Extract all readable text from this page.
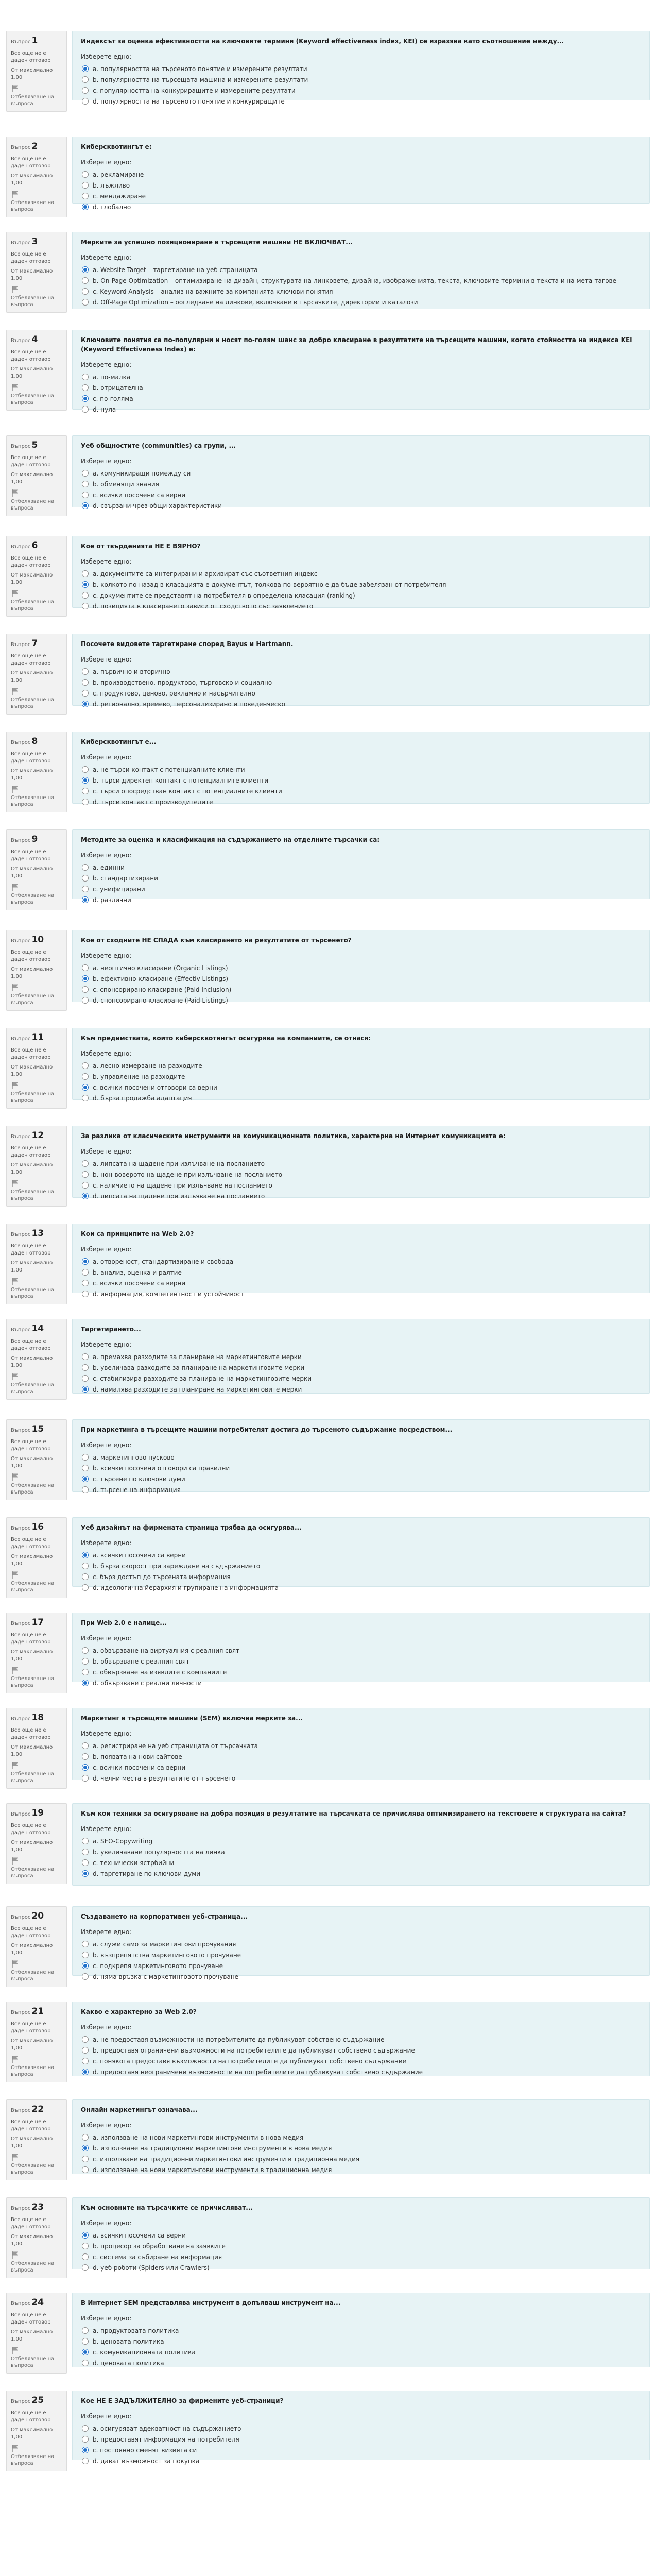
Въпрос 1
Все още не е даден отговор
От максимално 1,00
Отбелязване на въпроса
Индексът за оценка ефективността на ключовите термини (Keyword effectiveness index, KEI) се изразява като съотношение между...
Изберете едно:
a. популярността на търсеното понятие и измерените резултати
b. популярността на търсещата машина и измерените резултати
c. популярността на конкуриращите и измерените резултати
d. популярността на търсеното понятие и конкуриращите
Въпрос 2
Все още не е даден отговор
От максимално 1,00
Отбелязване на въпроса
Киберсквотингът е:
Изберете едно:
a. рекламиране
b. лъжливо
c. мендажиране
d. глобално
Въпрос 3
Все още не е даден отговор
От максимално 1,00
Отбелязване на въпроса
Мерките за успешно позициониране в търсещите машини НЕ ВКЛЮЧВАТ...
Изберете едно:
a. Website Target – таргетиране на уеб страницата
b. On-Page Optimization – оптимизиране на дизайн, структурата на линковете, дизайна, изображенията, текста, ключовите термини в текста и на мета-тагове
c. Keyword Analysis – анализ на важните за компанията ключови понятия
d. Off-Page Optimization – оогледване на линкове, включване в търсачките, директории и каталози
Въпрос 4
Все още не е даден отговор
От максимално 1,00
Отбелязване на въпроса
Ключовите понятия са по-популярни и носят по-голям шанс за добро класиране в резултатите на търсещите машини, когато стойността на индекса KEI (Keyword Effectiveness Index) е:
Изберете едно:
a. по-малка
b. отрицателна
c. по-голяма
d. нула
Въпрос 5
Все още не е даден отговор
От максимално 1,00
Отбелязване на въпроса
Уеб общностите (communities) са групи, ...
Изберете едно:
a. комуникиращи помежду си
b. обменящи знания
c. всички посочени са верни
d. свързани чрез общи характеристики
Въпрос 6
Все още не е даден отговор
От максимално 1,00
Отбелязване на въпроса
Кое от твърденията НЕ Е ВЯРНО?
Изберете едно:
a. документите са интегрирани и архивират със съответния индекс
b. колкото по-назад в класацията е документът, толкова по-вероятно е да бъде забелязан от потребителя
c. документите се представят на потребителя в определена класация (ranking)
d. позицията в класирането зависи от сходството със заявлението
Въпрос 7
Все още не е даден отговор
От максимално 1,00
Отбелязване на въпроса
Посочете видовете таргетиране според Bayus и Hartmann.
Изберете едно:
a. първично и вторично
b. производствено, продуктово, търговско и социално
c. продуктово, ценово, рекламно и насърчително
d. регионално, времево, персонализирано и поведенческо
Въпрос 8
Все още не е даден отговор
От максимално 1,00
Отбелязване на въпроса
Киберсквотингът е...
Изберете едно:
a. не търси контакт с потенциалните клиенти
b. търси директен контакт с потенциалните клиенти
c. търси опосредстван контакт с потенциалните клиенти
d. търси контакт с производителите
Въпрос 9
Все още не е даден отговор
От максимално 1,00
Отбелязване на въпроса
Методите за оценка и класификация на съдържанието на отделните търсачки са:
Изберете едно:
a. единни
b. стандартизирани
c. унифицирани
d. различни
Въпрос 10
Все още не е даден отговор
От максимално 1,00
Отбелязване на въпроса
Кое от сходните НЕ СПАДА към класирането на резултатите от търсенето?
Изберете едно:
a. неоптично класиране (Organic Listings)
b. ефективно класиране (Effectiv Listings)
c. спонсорирано класиране (Paid Inclusion)
d. спонсорирано класиране (Paid Listings)
Въпрос 11
Все още не е даден отговор
От максимално 1,00
Отбелязване на въпроса
Към предимствата, които киберсквотингът осигурява на компаниите, се отнася:
Изберете едно:
a. лесно измерване на разходите
b. управление на разходите
c. всички посочени отговори са верни
d. бърза продажба адаптация
Въпрос 12
Все още не е даден отговор
От максимално 1,00
Отбелязване на въпроса
За разлика от класическите инструменти на комуникационната политика, характерна на Интернет комуникацията е:
Изберете едно:
a. липсата на щадене при излъчване на посланието
b. нон-воверото на щадене при излъчване на посланието
c. наличието на щадене при излъчване на посланието
d. липсата на щадене при излъчване на посланието
Въпрос 13
Все още не е даден отговор
От максимално 1,00
Отбелязване на въпроса
Кои са принципите на Web 2.0?
Изберете едно:
a. отвореност, стандартизиране и свобода
b. анализ, оценка и ралтие
c. всички посочени са верни
d. информация, компетентност и устойчивост
Въпрос 14
Все още не е даден отговор
От максимално 1,00
Отбелязване на въпроса
Таргетирането...
Изберете едно:
a. премахва разходите за планиране на маркетинговите мерки
b. увеличава разходите за планиране на маркетинговите мерки
c. стабилизира разходите за планиране на маркетинговите мерки
d. намалява разходите за планиране на маркетинговите мерки
Въпрос 15
Все още не е даден отговор
От максимално 1,00
Отбелязване на въпроса
При маркетинга в търсещите машини потребителят достига до търсеното съдържание посредством...
Изберете едно:
a. маркетингово пусково
b. всички посочени отговори са правилни
c. търсене по ключови думи
d. търсене на информация
Въпрос 16
Все още не е даден отговор
От максимално 1,00
Отбелязване на въпроса
Уеб дизайнът на фирмената страница трябва да осигурява...
Изберете едно:
a. всички посочени са верни
b. бърза скорост при зареждане на съдържанието
c. бърз достъп до търсената информация
d. идеологична йерархия и групиране на информацията
Въпрос 17
Все още не е даден отговор
От максимално 1,00
Отбелязване на въпроса
При Web 2.0 е налице...
Изберете едно:
a. обвързване на виртуалния с реалния свят
b. обвързване с реалния свят
c. обвързване на изявлите с компаниите
d. обвързване с реални личности
Въпрос 18
Все още не е даден отговор
От максимално 1,00
Отбелязване на въпроса
Маркетинг в търсещите машини (SEM) включва мерките за...
Изберете едно:
a. регистриране на уеб страницата от търсачката
b. появата на нови сайтове
c. всички посочени са верни
d. челни места в резултатите от търсенето
Въпрос 19
Все още не е даден отговор
От максимално 1,00
Отбелязване на въпроса
Към кои техники за осигуряване на добра позиция в резултатите на търсачката се причислява оптимизирането на текстовете и структурата на сайта?
Изберете едно:
a. SEO-Copywriting
b. увеличаване популярността на линка
c. технически ястрбийни
d. таргетиране по ключови думи
Въпрос 20
Все още не е даден отговор
От максимално 1,00
Отбелязване на въпроса
Създаването на корпоративен уеб-страница...
Изберете едно:
a. служи само за маркетингови прочувания
b. възпрепятства маркетинговото прочуване
c. подкрепя маркетинговото прочуване
d. няма връзка с маркетинговото прочуване
Въпрос 21
Все още не е даден отговор
От максимално 1,00
Отбелязване на въпроса
Какво е характерно за Web 2.0?
Изберете едно:
a. не предоставя възможности на потребителите да публикуват собствено съдържание
b. предоставя ограничени възможности на потребителите да публикуват собствено съдържание
c. понякога предоставя възможности на потребителите да публикуват собствено съдържание
d. предоставя неограничени възможности на потребителите да публикуват собствено съдържание
Въпрос 22
Все още не е даден отговор
От максимално 1,00
Отбелязване на въпроса
Онлайн маркетингът означава...
Изберете едно:
a. използване на нови маркетингови инструменти в нова медия
b. използване на традиционни маркетингови инструменти в нова медия
c. използване на традиционни маркетингови инструменти в традиционна медия
d. използване на нови маркетингови инструменти в традиционна медия
Въпрос 23
Все още не е даден отговор
От максимално 1,00
Отбелязване на въпроса
Към основните на търсачките се причисляват...
Изберете едно:
a. всички посочени са верни
b. процесор за обработване на заявките
c. система за събиране на информация
d. уеб роботи (Spiders или Crawlers)
Въпрос 24
Все още не е даден отговор
От максимално 1,00
Отбелязване на въпроса
В Интернет SEM представлява инструмент в допълваш инструмент на...
Изберете едно:
a. продуктовата политика
b. ценовата политика
c. комуникационната политика
d. ценовата политика
Въпрос 25
Все още не е даден отговор
От максимално 1,00
Отбелязване на въпроса
Кое НЕ Е ЗАДЪЛЖИТЕЛНО за фирмените уеб-страници?
Изберете едно:
a. осигуряват адекватност на съдържанието
b. предоставят информация на потребителя
c. постоянно сменят визията си
d. дават възможност за покупка
